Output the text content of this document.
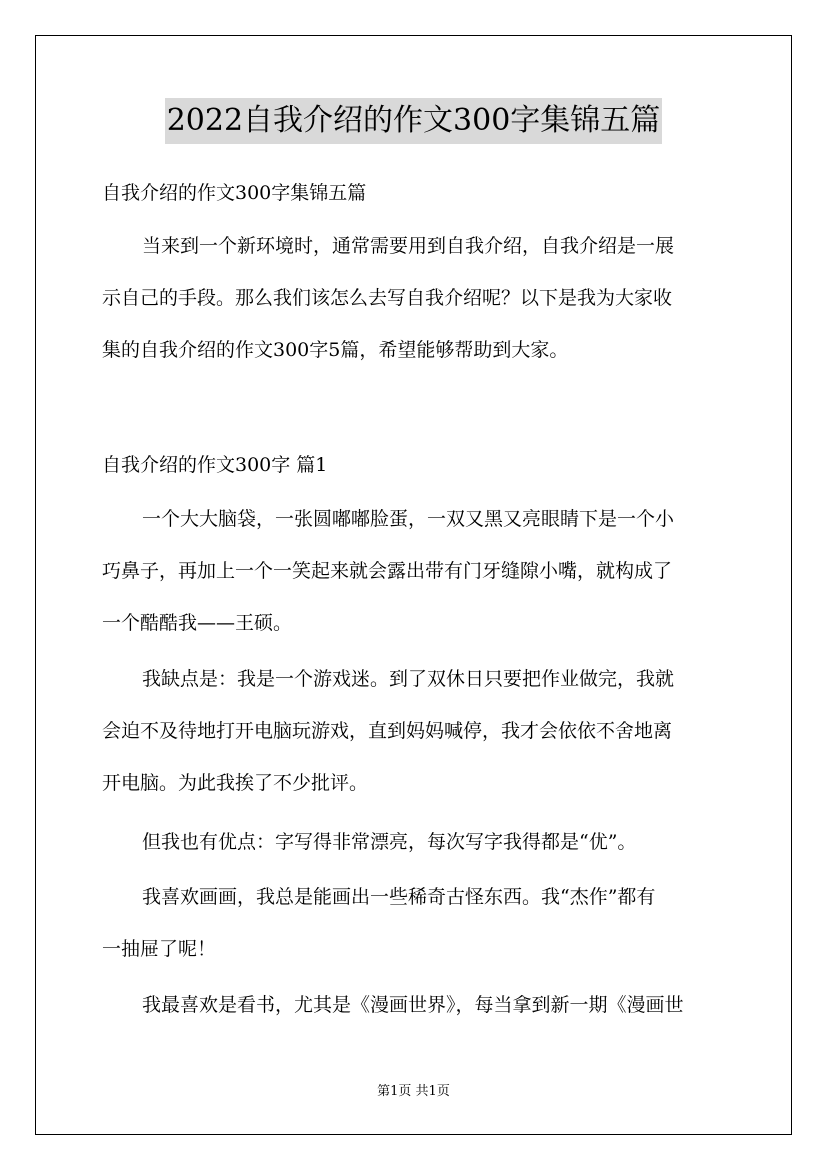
2022自我介绍的作文300字集锦五篇
自我介绍的作文300字集锦五篇
当来到一个新环境时，通常需要用到自我介绍，自我介绍是一展
示自己的手段。那么我们该怎么去写自我介绍呢？以下是我为大家收
集的自我介绍的作文300字5篇，希望能够帮助到大家。
自我介绍的作文300字 篇1
一个大大脑袋，一张圆嘟嘟脸蛋，一双又黑又亮眼睛下是一个小
巧鼻子，再加上一个一笑起来就会露出带有门牙缝隙小嘴，就构成了
一个酷酷我——王硕。
我缺点是：我是一个游戏迷。到了双休日只要把作业做完，我就
会迫不及待地打开电脑玩游戏，直到妈妈喊停，我才会依依不舍地离
开电脑。为此我挨了不少批评。
但我也有优点：字写得非常漂亮，每次写字我得都是“优”。
我喜欢画画，我总是能画出一些稀奇古怪东西。我“杰作”都有
一抽屉了呢！
我最喜欢是看书，尤其是《漫画世界》，每当拿到新一期《漫画世
第1页 共1页
